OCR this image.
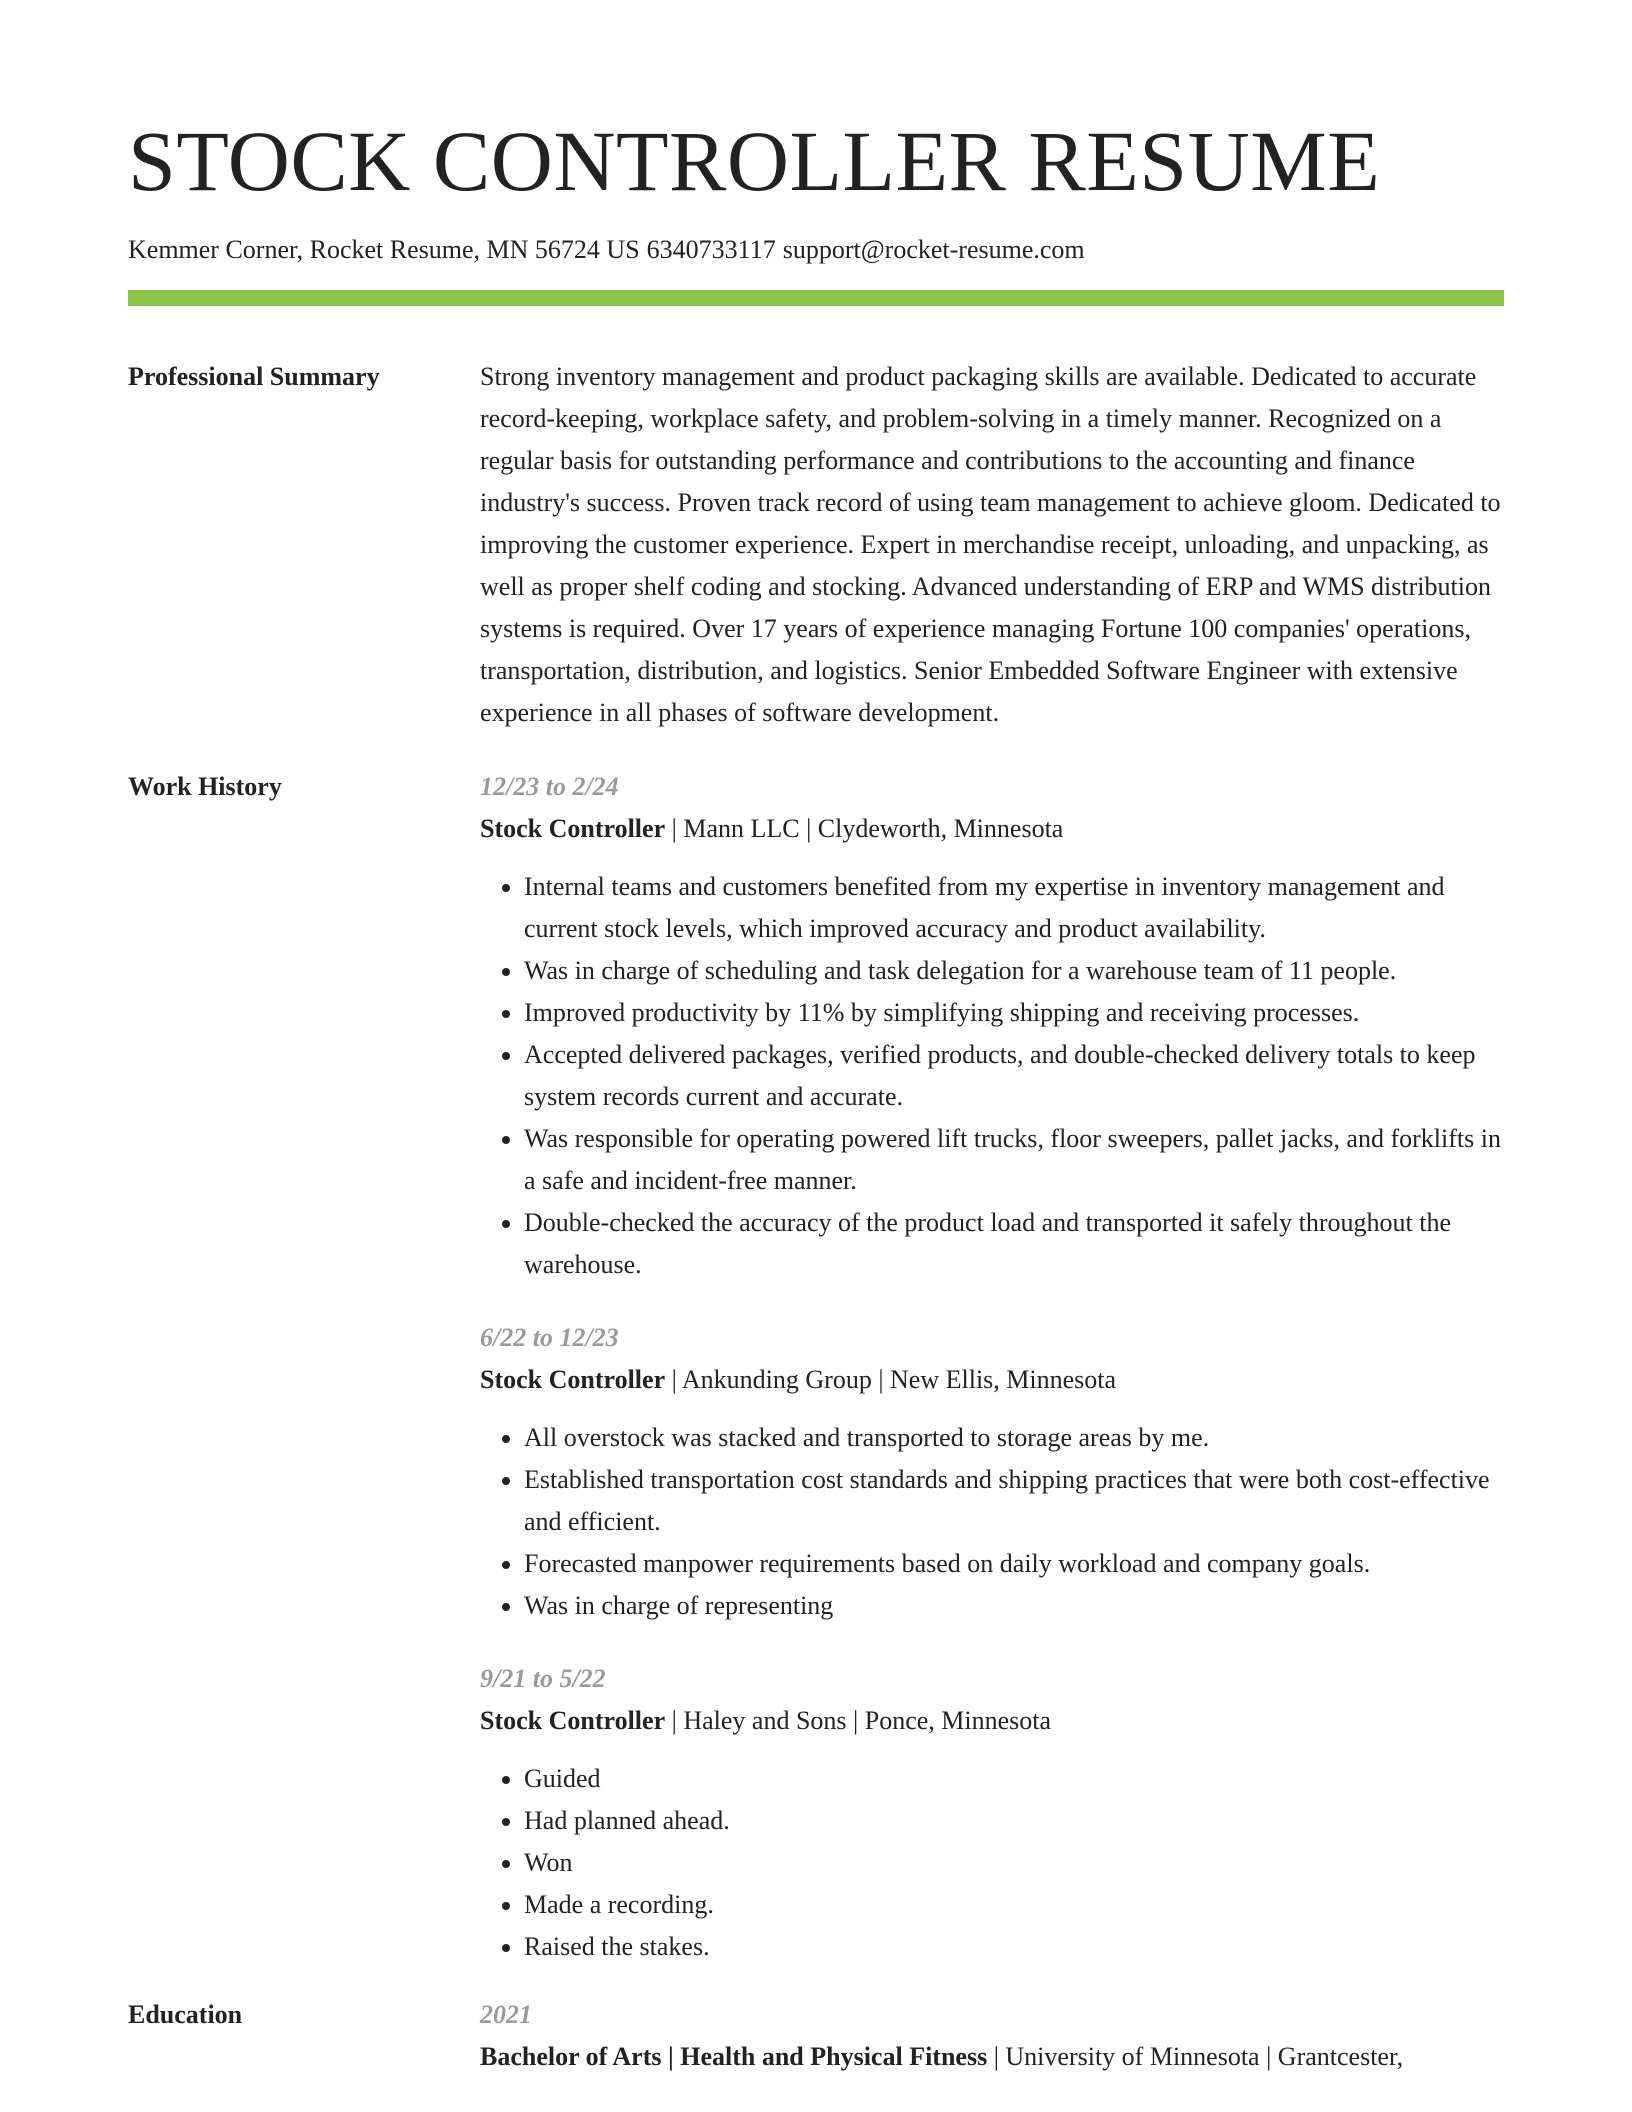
STOCK CONTROLLER RESUME
Kemmer Corner, Rocket Resume, MN 56724 US 6340733117 support@rocket-resume.com
Professional Summary	Strong inventory management and product packaging skills are available. Dedicated to accurate record-keeping, workplace safety, and problem-solving in a timely manner. Recognized on a regular basis for outstanding performance and contributions to the accounting and finance industry's success. Proven track record of using team management to achieve gloom. Dedicated to improving the customer experience. Expert in merchandise receipt, unloading, and unpacking, as well as proper shelf coding and stocking. Advanced understanding of ERP and WMS distribution systems is required. Over 17 years of experience managing Fortune 100 companies' operations, transportation, distribution, and logistics. Senior Embedded Software Engineer with extensive experience in all phases of software development.
Work History	12/23 to 2/24
Stock Controller | Mann LLC | Clydeworth, Minnesota
• Internal teams and customers benefited from my expertise in inventory management and current stock levels, which improved accuracy and product availability.
• Was in charge of scheduling and task delegation for a warehouse team of 11 people.
• Improved productivity by 11% by simplifying shipping and receiving processes.
• Accepted delivered packages, verified products, and double-checked delivery totals to keep system records current and accurate.
• Was responsible for operating powered lift trucks, floor sweepers, pallet jacks, and forklifts in a safe and incident-free manner.
• Double-checked the accuracy of the product load and transported it safely throughout the warehouse.
6/22 to 12/23
Stock Controller | Ankunding Group | New Ellis, Minnesota
• All overstock was stacked and transported to storage areas by me.
• Established transportation cost standards and shipping practices that were both cost-effective and efficient.
• Forecasted manpower requirements based on daily workload and company goals.
• Was in charge of representing
9/21 to 5/22
Stock Controller | Haley and Sons | Ponce, Minnesota
• Guided
• Had planned ahead.
• Won
• Made a recording.
• Raised the stakes.
Education	2021
Bachelor of Arts | Health and Physical Fitness | University of Minnesota | Grantcester,
